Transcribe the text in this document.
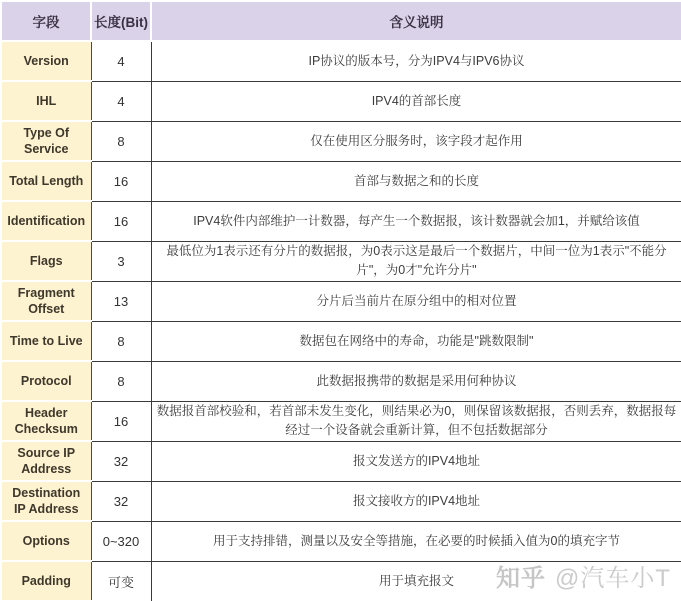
字段	长度(Bit)	含义说明
Version	4	IP协议的版本号，分为IPV4与IPV6协议
IHL	4	IPV4的首部长度
Type Of Service	8	仅在使用区分服务时，该字段才起作用
Total Length	16	首部与数据之和的长度
Identification	16	IPV4软件内部维护一计数器，每产生一个数据报，该计数器就会加1，并赋给该值
Flags	3	最低位为1表示还有分片的数据报，为0表示这是最后一个数据片，中间一位为1表示"不能分片"，为0才"允许分片"
Fragment Offset	13	分片后当前片在原分组中的相对位置
Time to Live	8	数据包在网络中的寿命，功能是"跳数限制"
Protocol	8	此数据报携带的数据是采用何种协议
Header Checksum	16	数据报首部校验和，若首部未发生变化，则结果必为0，则保留该数据报，否则丢弃，数据报每经过一个设备就会重新计算，但不包括数据部分
Source IP Address	32	报文发送方的IPV4地址
Destination IP Address	32	报文接收方的IPV4地址
Options	0~320	用于支持排错，测量以及安全等措施，在必要的时候插入值为0的填充字节
Padding	可变	用于填充报文 知乎 @汽车小T
